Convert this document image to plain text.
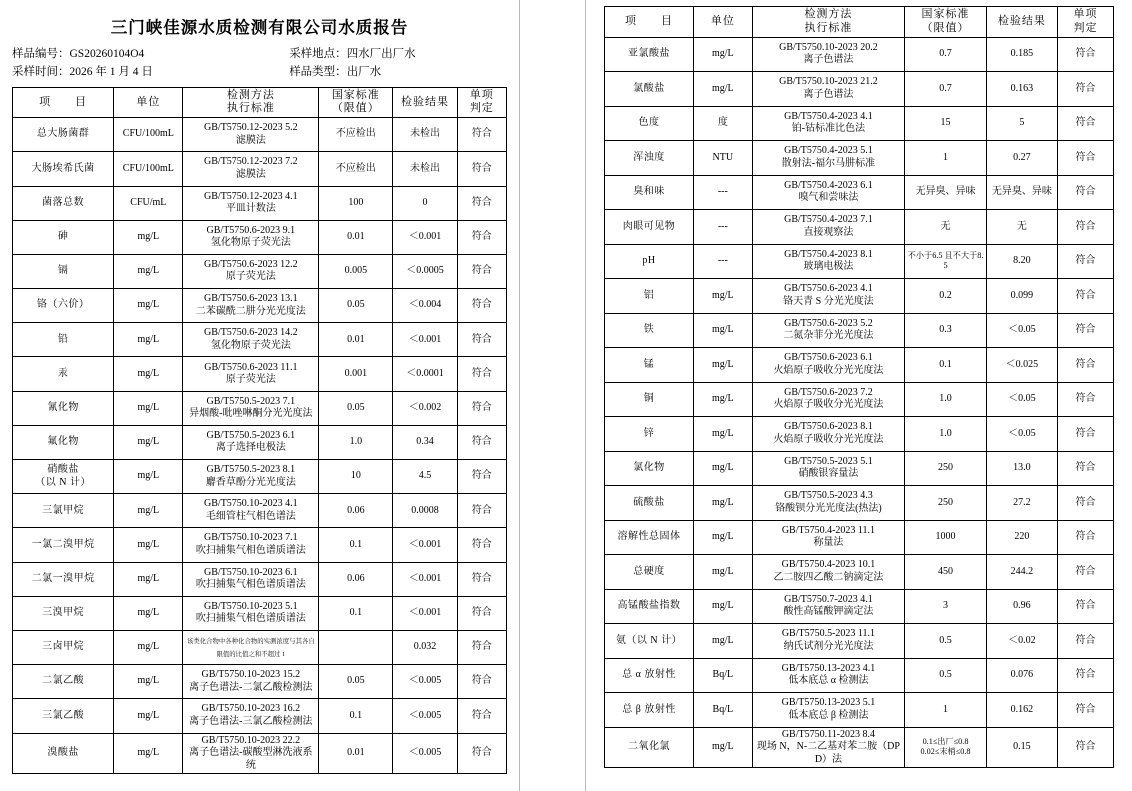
三门峡佳源水质检测有限公司水质报告
样品编号：GS20260104O4	采样地点：四水厂出厂水
采样时间：2026 年 1 月 4 日	样品类型：出厂水
项　　目	单位	检测方法
执行标准	国家标准
（限值）	检验结果	单项
判定
总大肠菌群	CFU/100mL	GB/T5750.12-2023 5.2
滤膜法	不应检出	未检出	符合
大肠埃希氏菌	CFU/100mL	GB/T5750.12-2023 7.2
滤膜法	不应检出	未检出	符合
菌落总数	CFU/mL	GB/T5750.12-2023 4.1
平皿计数法	100	0	符合
砷	mg/L	GB/T5750.6-2023 9.1
氢化物原子荧光法	0.01	＜0.001	符合
镉	mg/L	GB/T5750.6-2023 12.2
原子荧光法	0.005	＜0.0005	符合
铬（六价）	mg/L	GB/T5750.6-2023 13.1
二苯碳酰二肼分光光度法	0.05	＜0.004	符合
铅	mg/L	GB/T5750.6-2023 14.2
氢化物原子荧光法	0.01	＜0.001	符合
汞	mg/L	GB/T5750.6-2023 11.1
原子荧光法	0.001	＜0.0001	符合
氰化物	mg/L	GB/T5750.5-2023 7.1
异烟酸-吡唑啉酮分光光度法	0.05	＜0.002	符合
氟化物	mg/L	GB/T5750.5-2023 6.1
离子选择电极法	1.0	0.34	符合
硝酸盐
（以 N 计）	mg/L	GB/T5750.5-2023 8.1
麝香草酚分光光度法	10	4.5	符合
三氯甲烷	mg/L	GB/T5750.10-2023 4.1
毛细管柱气相色谱法	0.06	0.0008	符合
一氯二溴甲烷	mg/L	GB/T5750.10-2023 7.1
吹扫捕集气相色谱质谱法	0.1	＜0.001	符合
二氯一溴甲烷	mg/L	GB/T5750.10-2023 6.1
吹扫捕集气相色谱质谱法	0.06	＜0.001	符合
三溴甲烷	mg/L	GB/T5750.10-2023 5.1
吹扫捕集气相色谱质谱法	0.1	＜0.001	符合
三卤甲烷	mg/L	该类化合物中各种化合物的实测浓度与其各自限值的比值之和不超过 1		0.032	符合
二氯乙酸	mg/L	GB/T5750.10-2023 15.2
离子色谱法-二氯乙酸检测法	0.05	＜0.005	符合
三氯乙酸	mg/L	GB/T5750.10-2023 16.2
离子色谱法-三氯乙酸检测法	0.1	＜0.005	符合
溴酸盐	mg/L	GB/T5750.10-2023 22.2
离子色谱法-碳酸型淋洗液系统	0.01	＜0.005	符合
项　　目	单位	检测方法
执行标准	国家标准
（限值）	检验结果	单项
判定
亚氯酸盐	mg/L	GB/T5750.10-2023 20.2
离子色谱法	0.7	0.185	符合
氯酸盐	mg/L	GB/T5750.10-2023 21.2
离子色谱法	0.7	0.163	符合
色度	度	GB/T5750.4-2023 4.1
铂-钴标准比色法	15	5	符合
浑浊度	NTU	GB/T5750.4-2023 5.1
散射法-福尔马肼标准	1	0.27	符合
臭和味	---	GB/T5750.4-2023 6.1
嗅气和尝味法	无异臭、异味	无异臭、异味	符合
肉眼可见物	---	GB/T5750.4-2023 7.1
直接观察法	无	无	符合
pH	---	GB/T5750.4-2023 8.1
玻璃电极法	不小于6.5 且不大于8.5	8.20	符合
铝	mg/L	GB/T5750.6-2023 4.1
铬天青 S 分光光度法	0.2	0.099	符合
铁	mg/L	GB/T5750.6-2023 5.2
二氮杂菲分光光度法	0.3	＜0.05	符合
锰	mg/L	GB/T5750.6-2023 6.1
火焰原子吸收分光光度法	0.1	＜0.025	符合
铜	mg/L	GB/T5750.6-2023 7.2
火焰原子吸收分光光度法	1.0	＜0.05	符合
锌	mg/L	GB/T5750.6-2023 8.1
火焰原子吸收分光光度法	1.0	＜0.05	符合
氯化物	mg/L	GB/T5750.5-2023 5.1
硝酸银容量法	250	13.0	符合
硫酸盐	mg/L	GB/T5750.5-2023 4.3
铬酸钡分光光度法(热法)	250	27.2	符合
溶解性总固体	mg/L	GB/T5750.4-2023 11.1
称量法	1000	220	符合
总硬度	mg/L	GB/T5750.4-2023 10.1
乙二胺四乙酸二钠滴定法	450	244.2	符合
高锰酸盐指数	mg/L	GB/T5750.7-2023 4.1
酸性高锰酸钾滴定法	3	0.96	符合
氨（以 N 计）	mg/L	GB/T5750.5-2023 11.1
纳氏试剂分光光度法	0.5	＜0.02	符合
总 α 放射性	Bq/L	GB/T5750.13-2023 4.1
低本底总 α 检测法	0.5	0.076	符合
总 β 放射性	Bq/L	GB/T5750.13-2023 5.1
低本底总 β 检测法	1	0.162	符合
二氧化氯	mg/L	GB/T5750.11-2023 8.4
现场 N，N-二乙基对苯二胺（DPD）法	0.1≤出厂≤0.8
0.02≤末梢≤0.8	0.15	符合
